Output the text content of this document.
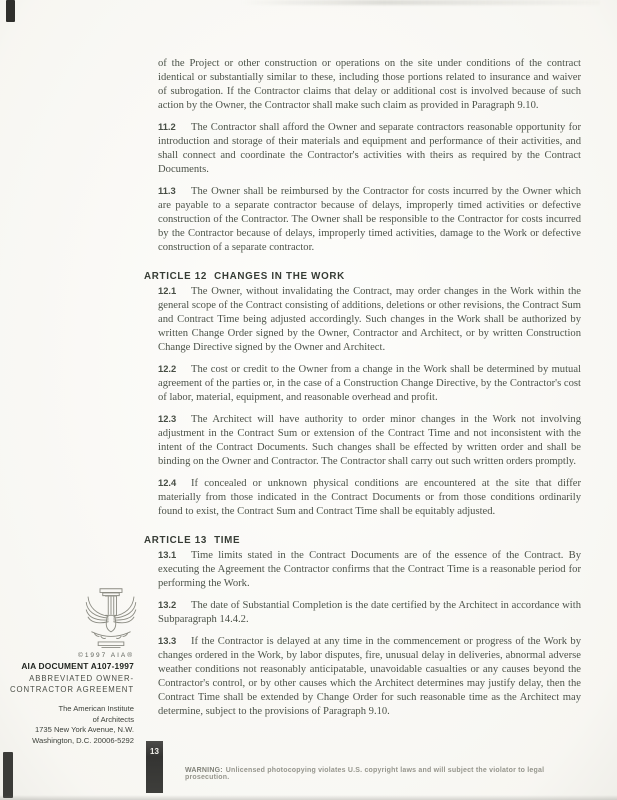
of the Project or other construction or operations on the site under conditions of the contract identical or substantially similar to these, including those portions related to insurance and waiver of subrogation. If the Contractor claims that delay or additional cost is involved because of such action by the Owner, the Contractor shall make such claim as provided in Paragraph 9.10.

11.2 The Contractor shall afford the Owner and separate contractors reasonable opportunity for introduction and storage of their materials and equipment and performance of their activities, and shall connect and coordinate the Contractor's activities with theirs as required by the Contract Documents.

11.3 The Owner shall be reimbursed by the Contractor for costs incurred by the Owner which are payable to a separate contractor because of delays, improperly timed activities or defective construction of the Contractor. The Owner shall be responsible to the Contractor for costs incurred by the Contractor because of delays, improperly timed activities, damage to the Work or defective construction of a separate contractor.

ARTICLE 12 CHANGES IN THE WORK

12.1 The Owner, without invalidating the Contract, may order changes in the Work within the general scope of the Contract consisting of additions, deletions or other revisions, the Contract Sum and Contract Time being adjusted accordingly. Such changes in the Work shall be authorized by written Change Order signed by the Owner, Contractor and Architect, or by written Construction Change Directive signed by the Owner and Architect.

12.2 The cost or credit to the Owner from a change in the Work shall be determined by mutual agreement of the parties or, in the case of a Construction Change Directive, by the Contractor's cost of labor, material, equipment, and reasonable overhead and profit.

12.3 The Architect will have authority to order minor changes in the Work not involving adjustment in the Contract Sum or extension of the Contract Time and not inconsistent with the intent of the Contract Documents. Such changes shall be effected by written order and shall be binding on the Owner and Contractor. The Contractor shall carry out such written orders promptly.

12.4 If concealed or unknown physical conditions are encountered at the site that differ materially from those indicated in the Contract Documents or from those conditions ordinarily found to exist, the Contract Sum and Contract Time shall be equitably adjusted.

ARTICLE 13 TIME

13.1 Time limits stated in the Contract Documents are of the essence of the Contract. By executing the Agreement the Contractor confirms that the Contract Time is a reasonable period for performing the Work.

13.2 The date of Substantial Completion is the date certified by the Architect in accordance with Subparagraph 14.4.2.

13.3 If the Contractor is delayed at any time in the commencement or progress of the Work by changes ordered in the Work, by labor disputes, fire, unusual delay in deliveries, abnormal adverse weather conditions not reasonably anticipatable, unavoidable casualties or any causes beyond the Contractor's control, or by other causes which the Architect determines may justify delay, then the Contract Time shall be extended by Change Order for such reasonable time as the Architect may determine, subject to the provisions of Paragraph 9.10.

©1997 AIA®
AIA DOCUMENT A107-1997
ABBREVIATED OWNER-
CONTRACTOR AGREEMENT
The American Institute
of Architects
1735 New York Avenue, N.W.
Washington, D.C. 20006-5292
13
WARNING: Unlicensed photocopying violates U.S. copyright laws and will subject the violator to legal prosecution.
